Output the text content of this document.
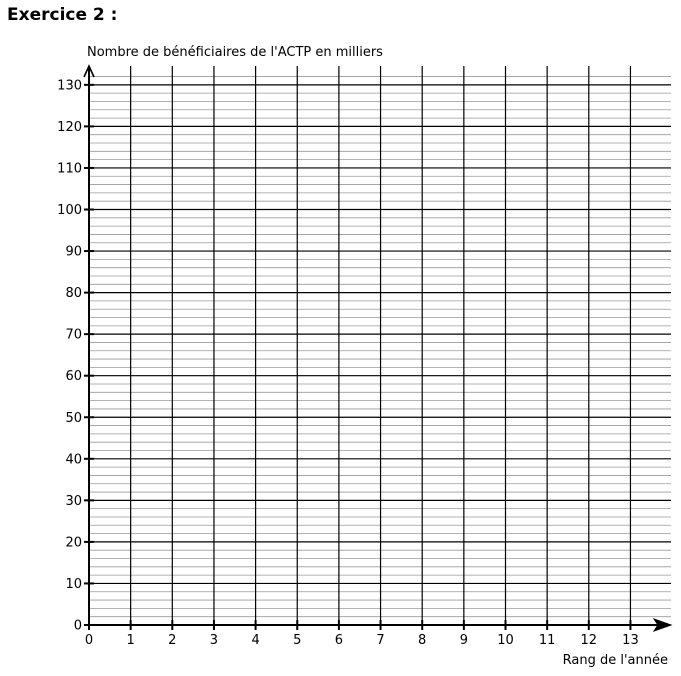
Exercice 2 :
0
10
20
30
40
50
60
70
80
90
100
110
120
130
0	1	2	3	4	5	6	7	8	9 10 11 12 13
Nombre de bénéficiaires de l'ACTP en milliers
Rang de l'année
